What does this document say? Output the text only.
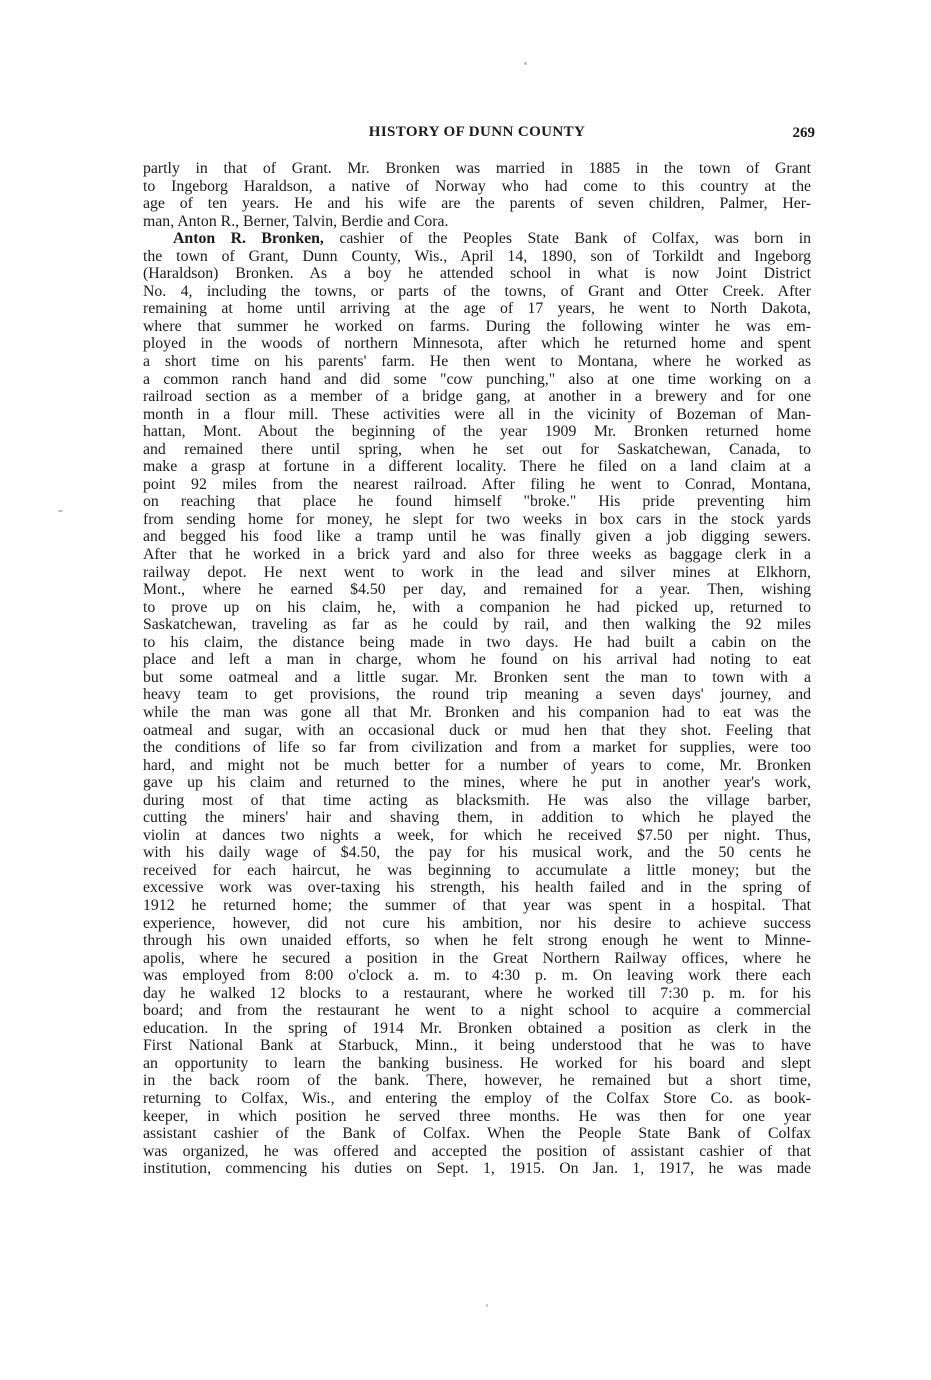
HISTORY OF DUNN COUNTY	269
partly in that of Grant. Mr. Bronken was married in 1885 in the town of Grant
to Ingeborg Haraldson, a native of Norway who had come to this country at the
age of ten years. He and his wife are the parents of seven children, Palmer, Her-
man, Anton R., Berner, Talvin, Berdie and Cora.
Anton R. Bronken, cashier of the Peoples State Bank of Colfax, was born in
the town of Grant, Dunn County, Wis., April 14, 1890, son of Torkildt and Ingeborg
(Haraldson) Bronken. As a boy he attended school in what is now Joint District
No. 4, including the towns, or parts of the towns, of Grant and Otter Creek. After
remaining at home until arriving at the age of 17 years, he went to North Dakota,
where that summer he worked on farms. During the following winter he was em-
ployed in the woods of northern Minnesota, after which he returned home and spent
a short time on his parents' farm. He then went to Montana, where he worked as
a common ranch hand and did some "cow punching," also at one time working on a
railroad section as a member of a bridge gang, at another in a brewery and for one
month in a flour mill. These activities were all in the vicinity of Bozeman of Man-
hattan, Mont. About the beginning of the year 1909 Mr. Bronken returned home
and remained there until spring, when he set out for Saskatchewan, Canada, to
make a grasp at fortune in a different locality. There he filed on a land claim at a
point 92 miles from the nearest railroad. After filing he went to Conrad, Montana,
on reaching that place he found himself "broke." His pride preventing him
from sending home for money, he slept for two weeks in box cars in the stock yards
and begged his food like a tramp until he was finally given a job digging sewers.
After that he worked in a brick yard and also for three weeks as baggage clerk in a
railway depot. He next went to work in the lead and silver mines at Elkhorn,
Mont., where he earned $4.50 per day, and remained for a year. Then, wishing
to prove up on his claim, he, with a companion he had picked up, returned to
Saskatchewan, traveling as far as he could by rail, and then walking the 92 miles
to his claim, the distance being made in two days. He had built a cabin on the
place and left a man in charge, whom he found on his arrival had noting to eat
but some oatmeal and a little sugar. Mr. Bronken sent the man to town with a
heavy team to get provisions, the round trip meaning a seven days' journey, and
while the man was gone all that Mr. Bronken and his companion had to eat was the
oatmeal and sugar, with an occasional duck or mud hen that they shot. Feeling that
the conditions of life so far from civilization and from a market for supplies, were too
hard, and might not be much better for a number of years to come, Mr. Bronken
gave up his claim and returned to the mines, where he put in another year's work,
during most of that time acting as blacksmith. He was also the village barber,
cutting the miners' hair and shaving them, in addition to which he played the
violin at dances two nights a week, for which he received $7.50 per night. Thus,
with his daily wage of $4.50, the pay for his musical work, and the 50 cents he
received for each haircut, he was beginning to accumulate a little money; but the
excessive work was over-taxing his strength, his health failed and in the spring of
1912 he returned home; the summer of that year was spent in a hospital. That
experience, however, did not cure his ambition, nor his desire to achieve success
through his own unaided efforts, so when he felt strong enough he went to Minne-
apolis, where he secured a position in the Great Northern Railway offices, where he
was employed from 8:00 o'clock a. m. to 4:30 p. m. On leaving work there each
day he walked 12 blocks to a restaurant, where he worked till 7:30 p. m. for his
board; and from the restaurant he went to a night school to acquire a commercial
education. In the spring of 1914 Mr. Bronken obtained a position as clerk in the
First National Bank at Starbuck, Minn., it being understood that he was to have
an opportunity to learn the banking business. He worked for his board and slept
in the back room of the bank. There, however, he remained but a short time,
returning to Colfax, Wis., and entering the employ of the Colfax Store Co. as book-
keeper, in which position he served three months. He was then for one year
assistant cashier of the Bank of Colfax. When the People State Bank of Colfax
was organized, he was offered and accepted the position of assistant cashier of that
institution, commencing his duties on Sept. 1, 1915. On Jan. 1, 1917, he was made
